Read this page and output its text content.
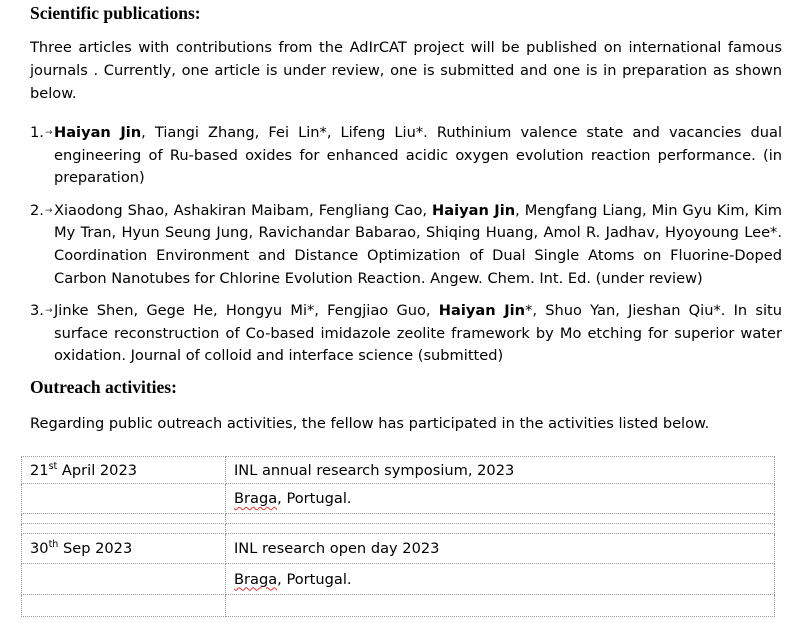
Scientific publications:

Three articles with contributions from the AdIrCAT project will be published on international famous journals . Currently, one article is under review, one is submitted and one is in preparation as shown below.

1.→ Haiyan Jin, Tiangi Zhang, Fei Lin*, Lifeng Liu*. Ruthinium valence state and vacancies dual engineering of Ru-based oxides for enhanced acidic oxygen evolution reaction performance. (in preparation)
2.→ Xiaodong Shao, Ashakiran Maibam, Fengliang Cao, Haiyan Jin, Mengfang Liang, Min Gyu Kim, Kim My Tran, Hyun Seung Jung, Ravichandar Babarao, Shiqing Huang, Amol R. Jadhav, Hyoyoung Lee*. Coordination Environment and Distance Optimization of Dual Single Atoms on Fluorine-Doped Carbon Nanotubes for Chlorine Evolution Reaction. Angew. Chem. Int. Ed. (under review)
3.→ Jinke Shen, Gege He, Hongyu Mi*, Fengjiao Guo, Haiyan Jin*, Shuo Yan, Jieshan Qiu*. In situ surface reconstruction of Co-based imidazole zeolite framework by Mo etching for superior water oxidation. Journal of colloid and interface science (submitted)
Outreach activities:

Regarding public outreach activities, the fellow has participated in the activities listed below.

21st April 2023	INL annual research symposium, 2023
	Braga, Portugal.

30th Sep 2023	INL research open day 2023
	Braga, Portugal.
